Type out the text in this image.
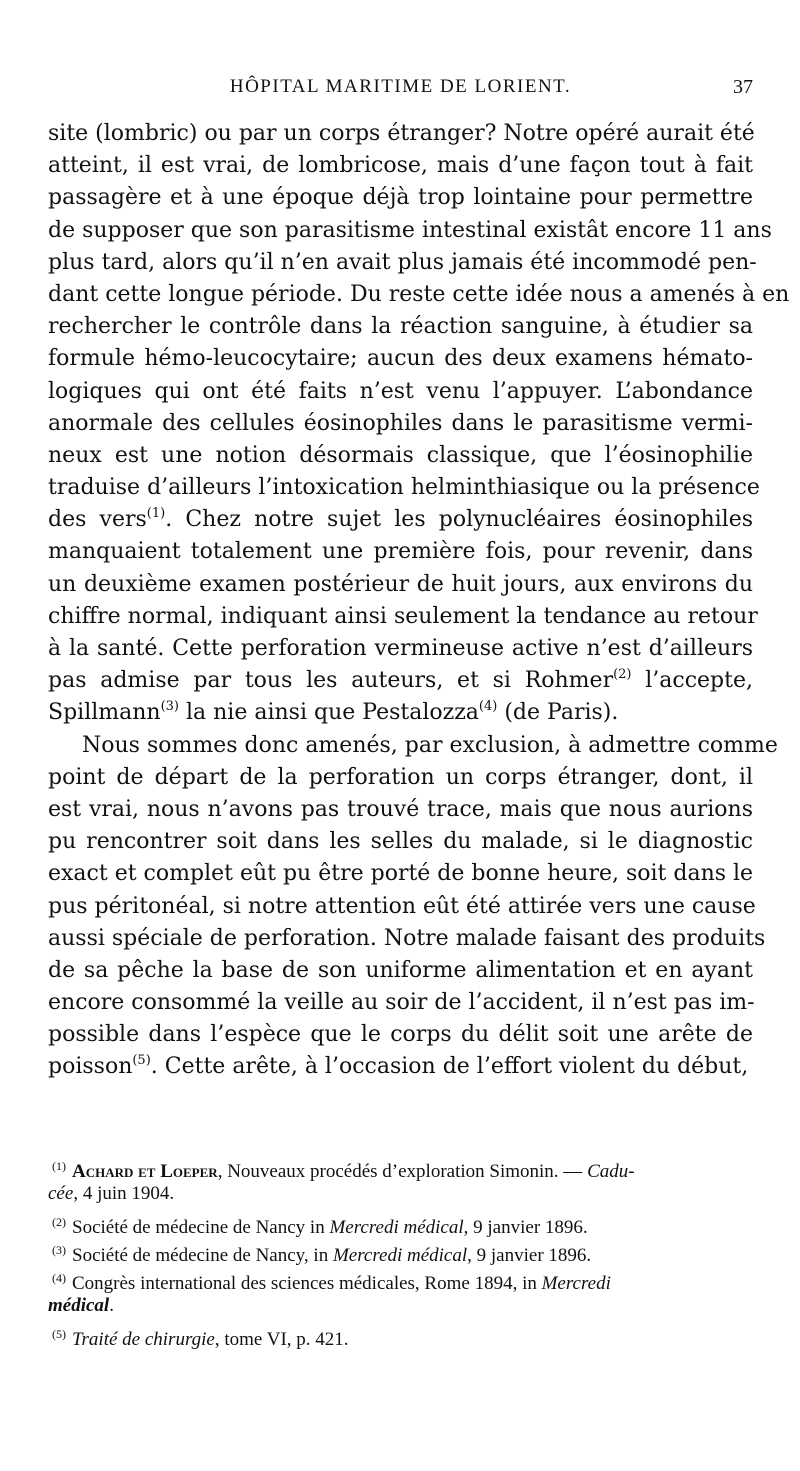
HÔPITAL MARITIME DE LORIENT.	37
site (lombric) ou par un corps étranger? Notre opéré aurait été
atteint, il est vrai, de lombricose, mais d’une façon tout à fait
passagère et à une époque déjà trop lointaine pour permettre
de supposer que son parasitisme intestinal existât encore 11 ans
plus tard, alors qu’il n’en avait plus jamais été incommodé pen-
dant cette longue période. Du reste cette idée nous a amenés à en
rechercher le contrôle dans la réaction sanguine, à étudier sa
formule hémo-leucocytaire; aucun des deux examens hémato-
logiques qui ont été faits n’est venu l’appuyer. L’abondance
anormale des cellules éosinophiles dans le parasitisme vermi-
neux est une notion désormais classique, que l’éosinophilie
traduise d’ailleurs l’intoxication helminthiasique ou la présence
des vers$^{(1)}$. Chez notre sujet les polynucléaires éosinophiles
manquaient totalement une première fois, pour revenir, dans
un deuxième examen postérieur de huit jours, aux environs du
chiffre normal, indiquant ainsi seulement la tendance au retour
à la santé. Cette perforation vermineuse active n’est d’ailleurs
pas admise par tous les auteurs, et si Rohmer$^{(2)}$ l’accepte,
Spillmann$^{(3)}$ la nie ainsi que Pestalozza$^{(4)}$ (de Paris).
Nous sommes donc amenés, par exclusion, à admettre comme
point de départ de la perforation un corps étranger, dont, il
est vrai, nous n’avons pas trouvé trace, mais que nous aurions
pu rencontrer soit dans les selles du malade, si le diagnostic
exact et complet eût pu être porté de bonne heure, soit dans le
pus péritonéal, si notre attention eût été attirée vers une cause
aussi spéciale de perforation. Notre malade faisant des produits
de sa pêche la base de son uniforme alimentation et en ayant
encore consommé la veille au soir de l’accident, il n’est pas im-
possible dans l’espèce que le corps du délit soit une arête de
poisson$^{(5)}$. Cette arête, à l’occasion de l’effort violent du début,
$^{(1)}$ Achard et Loeper, Nouveaux procédés d’exploration Simonin. — Cadu-
cée, 4 juin 1904.
$^{(2)}$ Société de médecine de Nancy in Mercredi médical, 9 janvier 1896.
$^{(3)}$ Société de médecine de Nancy, in Mercredi médical, 9 janvier 1896.
$^{(4)}$ Congrès international des sciences médicales, Rome 1894, in Mercredi
médical.
$^{(5)}$ Traité de chirurgie, tome VI, p. 421.
